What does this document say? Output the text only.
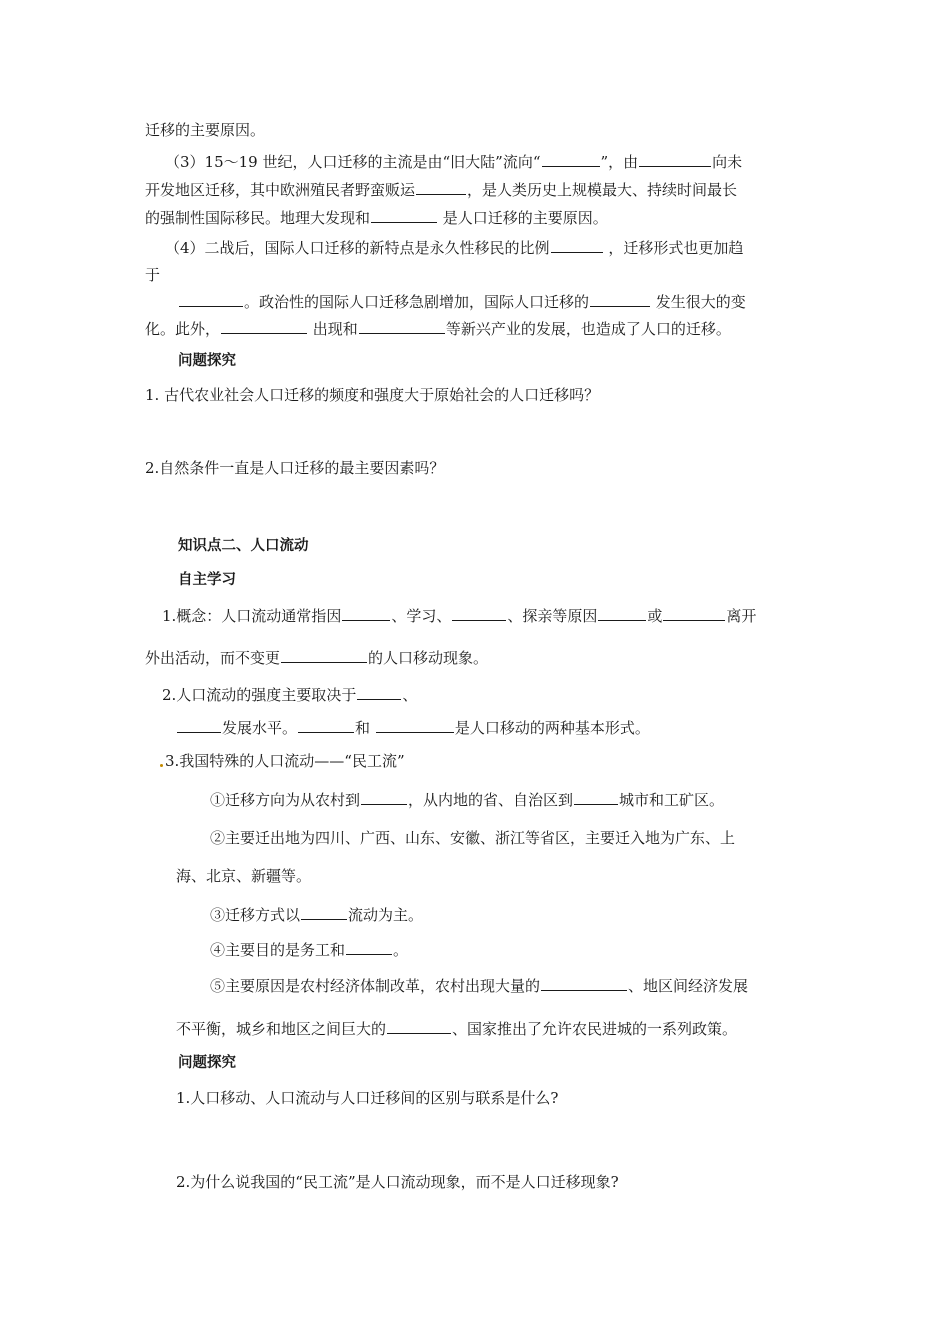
迁移的主要原因。
（3）15～19 世纪，人口迁移的主流是由“旧大陆”流向“	”，由	向未
开发地区迁移，其中欧洲殖民者野蛮贩运	，是人类历史上规模最大、持续时间最长
的强制性国际移民。地理大发现和	是人口迁移的主要原因。
（4）二战后，国际人口迁移的新特点是永久性移民的比例	，迁移形式也更加趋
于
。政治性的国际人口迁移急剧增加，国际人口迁移的	发生很大的变
化。此外，	出现和	等新兴产业的发展，也造成了人口的迁移。
问题探究
1. 古代农业社会人口迁移的频度和强度大于原始社会的人口迁移吗？
2.自然条件一直是人口迁移的最主要因素吗？
知识点二、人口流动
自主学习
1.概念：人口流动通常指因	、学习、	、探亲等原因	或	离开
外出活动，而不变更	的人口移动现象。
2.人口流动的强度主要取决于	、
发展水平。	和	是人口移动的两种基本形式。
3.我国特殊的人口流动——“民工流”
①迁移方向为从农村到	，从内地的省、自治区到	城市和工矿区。
②主要迁出地为四川、广西、山东、安徽、浙江等省区，主要迁入地为广东、上
海、北京、新疆等。
③迁移方式以	流动为主。
④主要目的是务工和	。
⑤主要原因是农村经济体制改革，农村出现大量的	、地区间经济发展
不平衡，城乡和地区之间巨大的	、国家推出了允许农民进城的一系列政策。
问题探究
1.人口移动、人口流动与人口迁移间的区别与联系是什么?
2.为什么说我国的“民工流”是人口流动现象，而不是人口迁移现象?
